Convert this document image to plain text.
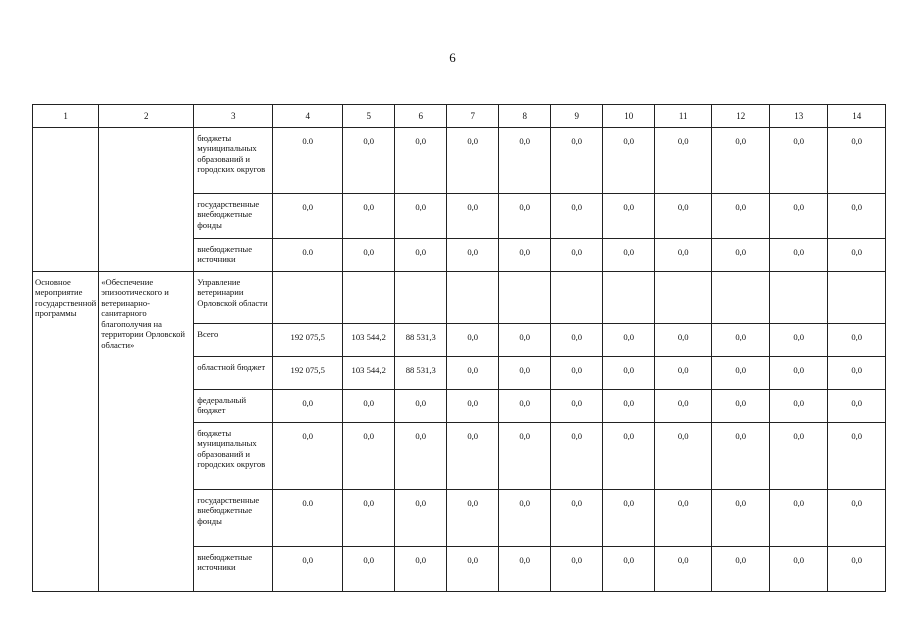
6
1	2	3	4	5	6	7	8	9	10	11	12	13	14

		бюджеты муниципальных образований и городских округов	0.0	0,0	0,0	0,0	0,0	0,0	0,0	0,0	0,0	0,0	0,0

		государственные внебюджетные фонды	0,0	0,0	0,0	0,0	0,0	0,0	0,0	0,0	0,0	0,0	0,0

		внебюджетные источники	0.0	0,0	0,0	0,0	0,0	0,0	0,0	0,0	0,0	0,0	0,0

Основное мероприятие государственной программы	«Обеспечение эпизоотического и ветеринарно-санитарного благополучия на территории Орловской области»	Управление ветеринарии Орловской области											

		Всего	192 075,5	103 544,2	88 531,3	0,0	0,0	0,0	0,0	0,0	0,0	0,0	0,0

		областной бюджет	192 075,5	103 544,2	88 531,3	0,0	0,0	0,0	0,0	0,0	0,0	0,0	0,0

		федеральный бюджет	0,0	0,0	0,0	0,0	0,0	0,0	0,0	0,0	0,0	0,0	0,0

		бюджеты муниципальных образований и городских округов	0,0	0,0	0,0	0,0	0,0	0,0	0,0	0,0	0,0	0,0	0,0

		государственные внебюджетные фонды	0.0	0,0	0,0	0,0	0,0	0,0	0,0	0,0	0,0	0,0	0,0

		внебюджетные источники	0,0	0,0	0,0	0,0	0,0	0,0	0,0	0,0	0,0	0,0	0,0
